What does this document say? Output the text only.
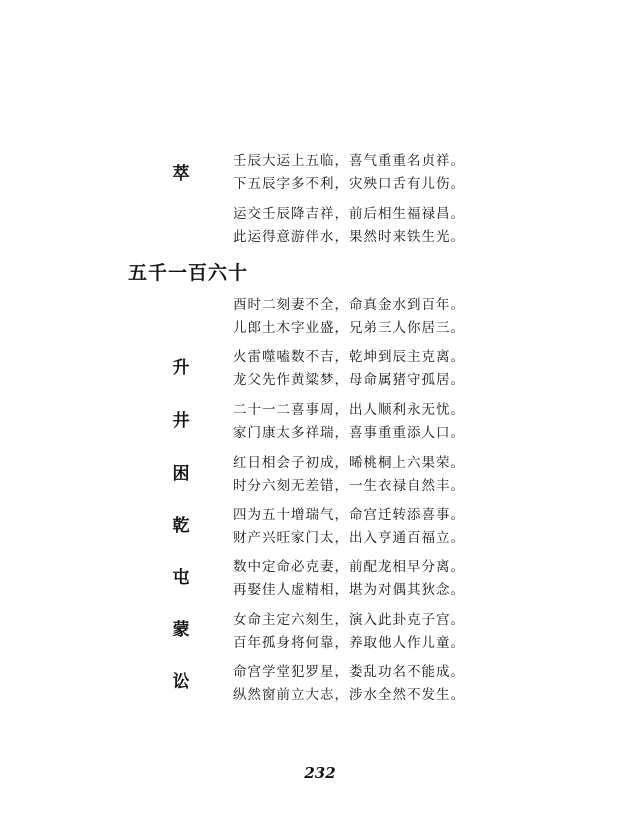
萃
壬辰大运上五临，喜气重重名贞祥。
下五辰字多不利，灾殃口舌有儿伤。
运交壬辰降吉祥，前后相生福禄昌。
此运得意游伴水，果然时来铁生光。
五千一百六十
酉时二刻妻不全，命真金水到百年。
儿郎土木字业盛，兄弟三人你居三。
火雷噬嗑数不吉，乾坤到辰主克离。
龙父先作黄粱梦，母命属猪守孤居。
二十一二喜事周，出人顺利永无忧。
家门康太多祥瑞，喜事重重添人口。
红日相会子初成，晞桃桐上六果荣。
时分六刻无差错，一生衣禄自然丰。
四为五十增瑞气，命宫迁转添喜事。
财产兴旺家门太，出入亨通百福立。
数中定命必克妻，前配龙相早分离。
再娶佳人虚精相，堪为对偶其狄念。
女命主定六刻生，演入此卦克子宫。
百年孤身将何靠，养取他人作儿童。
命宫学堂犯罗星，娄乱功名不能成。
纵然窗前立大志，涉水全然不发生。
升
井
困
乾
屯
蒙
讼
232
